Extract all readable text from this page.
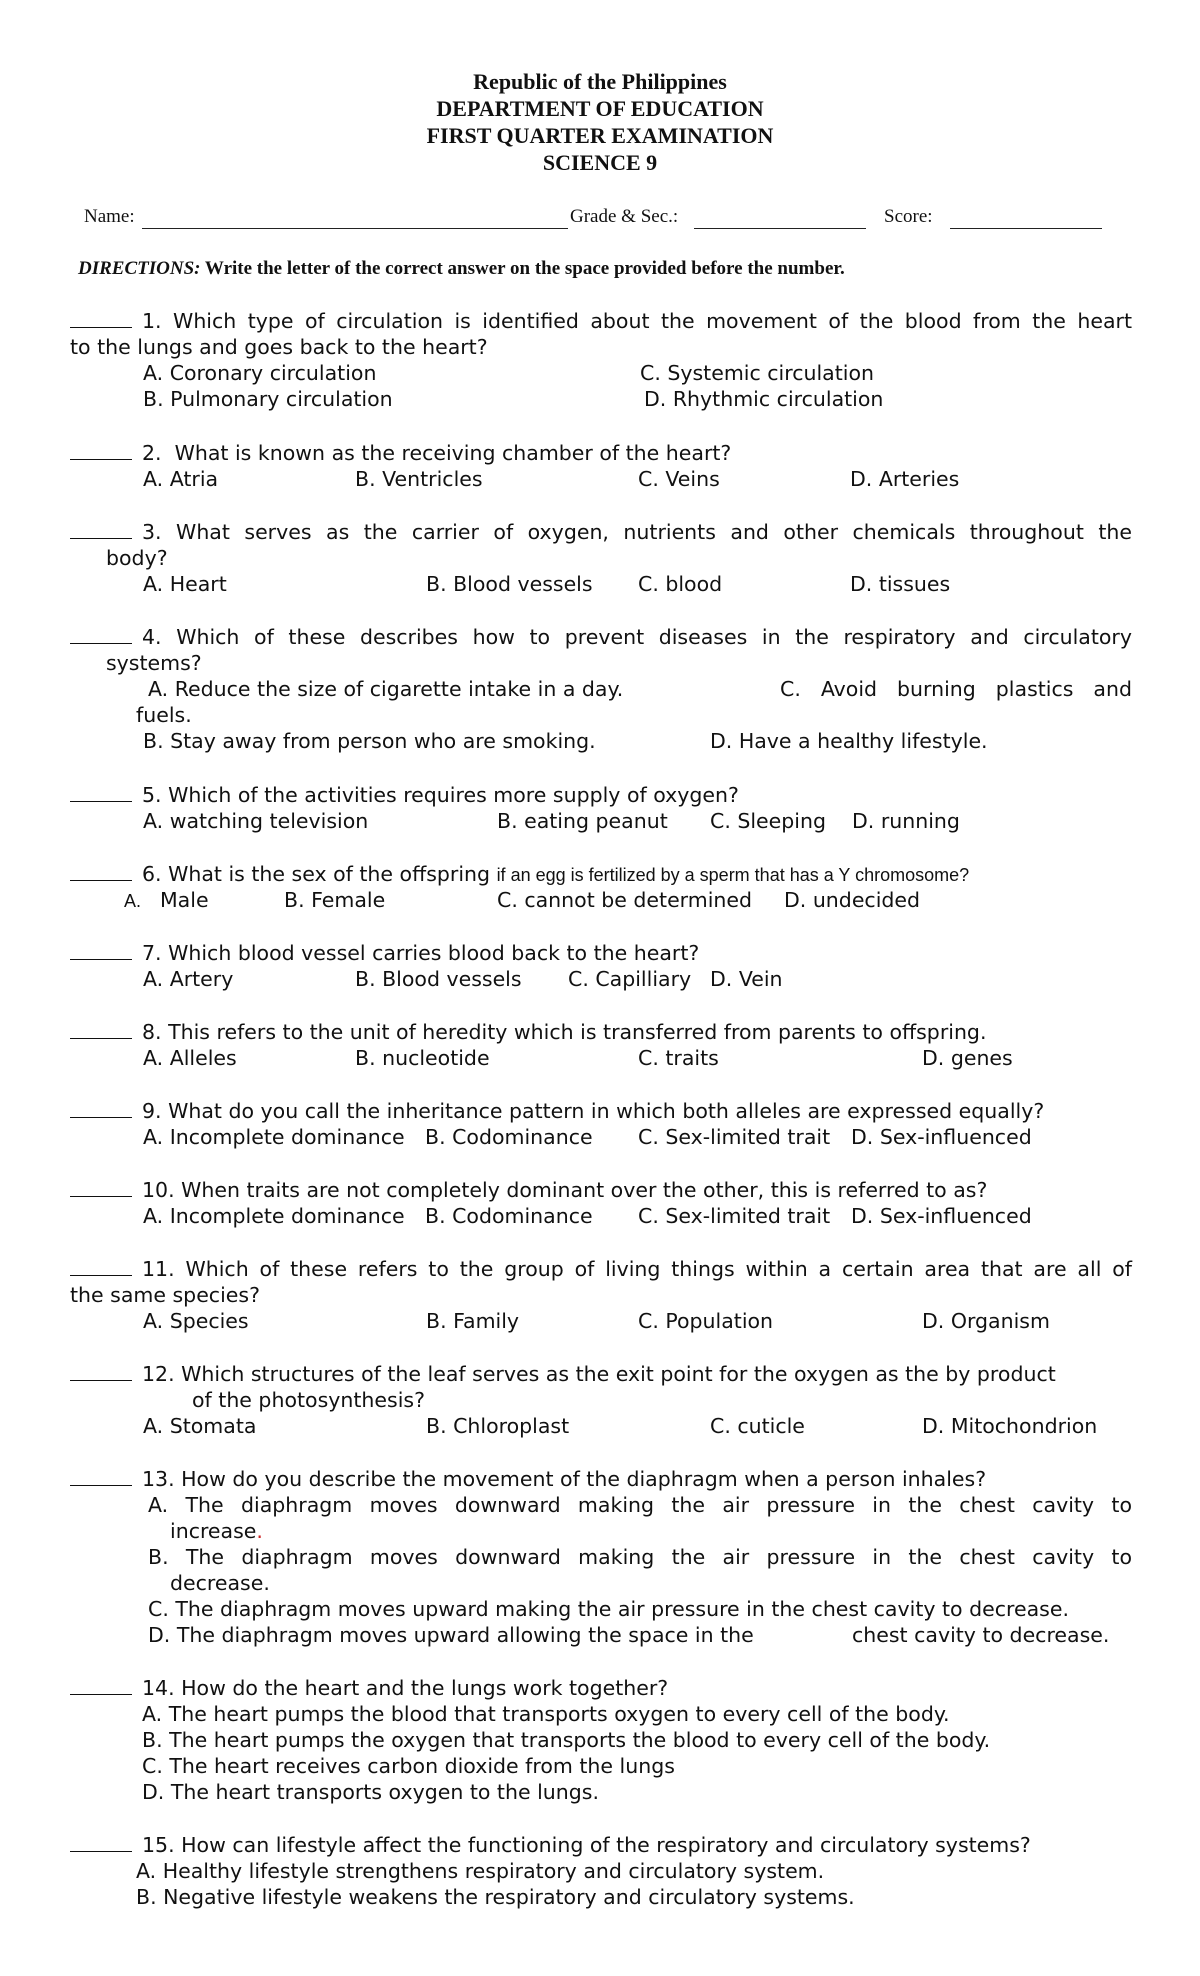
Republic of the Philippines
DEPARTMENT OF EDUCATION
FIRST QUARTER EXAMINATION
SCIENCE 9
Name:	Grade & Sec.:	Score:
DIRECTIONS: Write the letter of the correct answer on the space provided before the number.
1. Which type of circulation is identified about the movement of the blood from the heart
to the lungs and goes back to the heart?
A. Coronary circulation	C. Systemic circulation
B. Pulmonary circulation	D. Rhythmic circulation
2. What is known as the receiving chamber of the heart?
A. Atria	B. Ventricles	C. Veins	D. Arteries
3. What serves as the carrier of oxygen, nutrients and other chemicals throughout the
body?
A. Heart	B. Blood vessels C. blood	D. tissues
4. Which of these describes how to prevent diseases in the respiratory and circulatory
systems?
A. Reduce the size of cigarette intake in a day.	C. Avoid burning plastics and
fuels.
B. Stay away from person who are smoking.	D. Have a healthy lifestyle.
5. Which of the activities requires more supply of oxygen?
A. watching television	B. eating peanut C. Sleeping D. running
6. What is the sex of the offspring if an egg is fertilized by a sperm that has a Y chromosome?
A. Male	B. Female	C. cannot be determined D. undecided
7. Which blood vessel carries blood back to the heart?
A. Artery	B. Blood vessels C. Capilliary D. Vein
8. This refers to the unit of heredity which is transferred from parents to offspring.
A. Alleles	B. nucleotide	C. traits	D. genes
9. What do you call the inheritance pattern in which both alleles are expressed equally?
A. Incomplete dominance B. Codominance C. Sex-limited trait D. Sex-influenced
10. When traits are not completely dominant over the other, this is referred to as?
A. Incomplete dominance B. Codominance C. Sex-limited trait D. Sex-influenced
11. Which of these refers to the group of living things within a certain area that are all of
the same species?
A. Species	B. Family	C. Population	D. Organism
12. Which structures of the leaf serves as the exit point for the oxygen as the by product
of the photosynthesis?
A. Stomata	B. Chloroplast	C. cuticle	D. Mitochondrion
13. How do you describe the movement of the diaphragm when a person inhales?
A. The diaphragm moves downward making the air pressure in the chest cavity to
increase.
B. The diaphragm moves downward making the air pressure in the chest cavity to
decrease.
C. The diaphragm moves upward making the air pressure in the chest cavity to decrease.
D. The diaphragm moves upward allowing the space in the	chest cavity to decrease.
14. How do the heart and the lungs work together?
A. The heart pumps the blood that transports oxygen to every cell of the body.
B. The heart pumps the oxygen that transports the blood to every cell of the body.
C. The heart receives carbon dioxide from the lungs
D. The heart transports oxygen to the lungs.
15. How can lifestyle affect the functioning of the respiratory and circulatory systems?
A. Healthy lifestyle strengthens respiratory and circulatory system.
B. Negative lifestyle weakens the respiratory and circulatory systems.
